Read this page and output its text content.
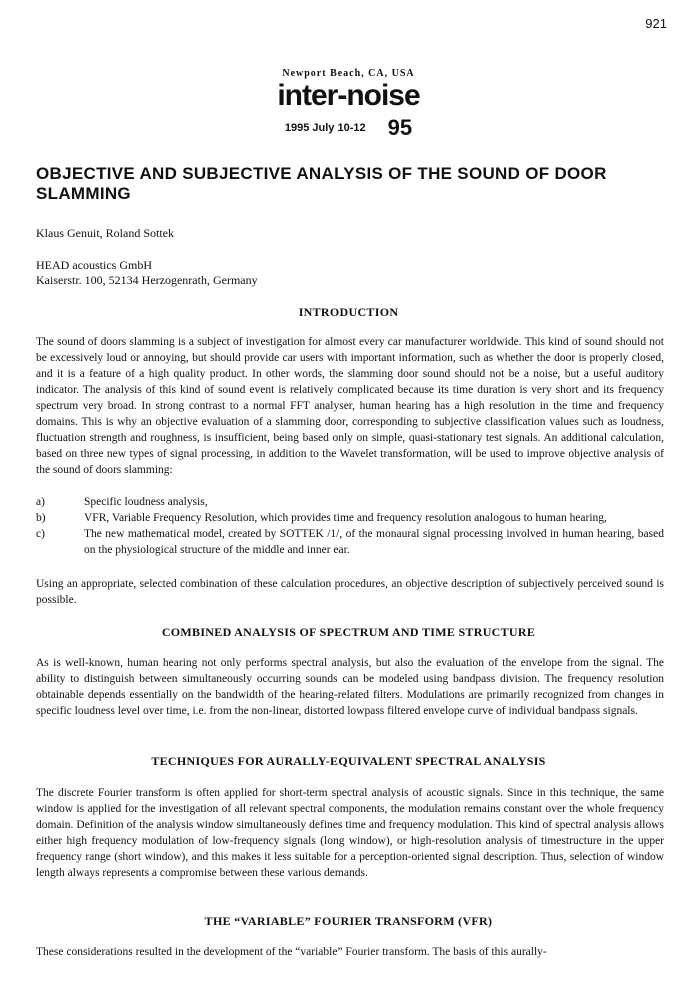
921
Newport Beach, CA, USA
inter-noise
1995 July 10-12 95
OBJECTIVE AND SUBJECTIVE ANALYSIS OF THE SOUND OF DOOR SLAMMING
Klaus Genuit, Roland Sottek
HEAD acoustics GmbH
Kaiserstr. 100, 52134 Herzogenrath, Germany
INTRODUCTION

The sound of doors slamming is a subject of investigation for almost every car manufacturer worldwide. This kind of sound should not be excessively loud or annoying, but should provide car users with important information, such as whether the door is properly closed, and it is a feature of a high quality product. In other words, the slamming door sound should not be a noise, but a useful auditory indicator. The analysis of this kind of sound event is relatively complicated because its time duration is very short and its frequency spectrum very broad. In strong contrast to a normal FFT analyser, human hearing has a high resolution in the time and frequency domains. This is why an objective evaluation of a slamming door, corresponding to subjective classification values such as loudness, fluctuation strength and roughness, is insufficient, being based only on simple, quasi-stationary test signals. An additional calculation, based on three new types of signal processing, in addition to the Wavelet transformation, will be used to improve objective analysis of the sound of doors slamming:

a)	Specific loudness analysis,
b)	VFR, Variable Frequency Resolution, which provides time and frequency resolution analogous to human hearing,
c)	The new mathematical model, created by SOTTEK /1/, of the monaural signal processing involved in human hearing, based on the physiological structure of the middle and inner ear.

Using an appropriate, selected combination of these calculation procedures, an objective description of subjectively perceived sound is possible.

COMBINED ANALYSIS OF SPECTRUM AND TIME STRUCTURE

As is well-known, human hearing not only performs spectral analysis, but also the evaluation of the envelope from the signal. The ability to distinguish between simultaneously occurring sounds can be modeled using bandpass division. The frequency resolution obtainable depends essentially on the bandwidth of the hearing-related filters. Modulations are primarily recognized from changes in specific loudness level over time, i.e. from the non-linear, distorted lowpass filtered envelope curve of individual bandpass signals.

TECHNIQUES FOR AURALLY-EQUIVALENT SPECTRAL ANALYSIS

The discrete Fourier transform is often applied for short-term spectral analysis of acoustic signals. Since in this technique, the same window is applied for the investigation of all relevant spectral components, the modulation remains constant over the whole frequency domain. Definition of the analysis window simultaneously defines time and frequency modulation. This kind of spectral analysis allows either high frequency modulation of low-frequency signals (long window), or high-resolution analysis of timestructure in the upper frequency range (short window), and this makes it less suitable for a perception-oriented signal description. Thus, selection of window length always represents a compromise between these various demands.

THE “VARIABLE” FOURIER TRANSFORM (VFR)

These considerations resulted in the development of the “variable” Fourier transform. The basis of this aurally-
